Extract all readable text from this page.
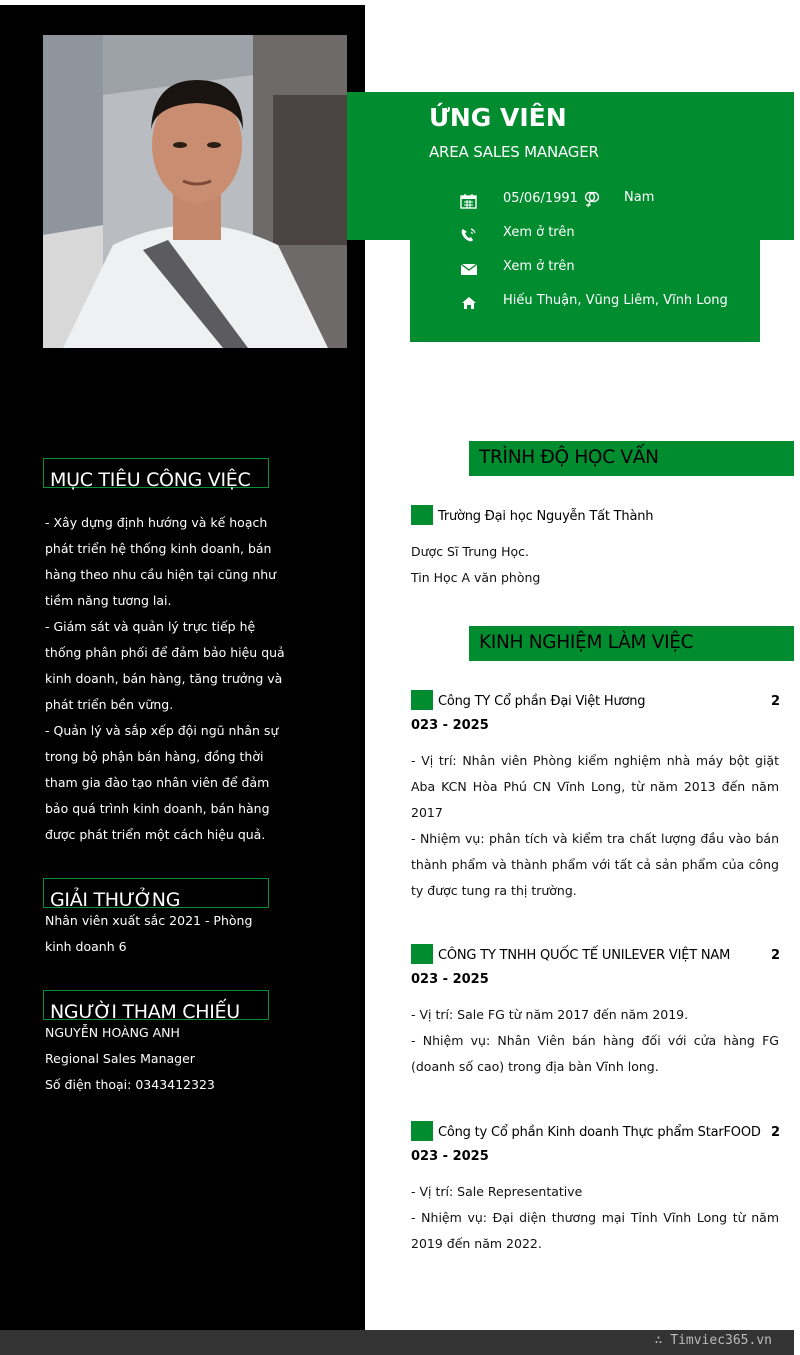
ỨNG VIÊN
AREA SALES MANAGER
05/06/1991	Nam
Xem ở trên
Xem ở trên
Hiếu Thuận, Vũng Liêm, Vĩnh Long
MỤC TIÊU CÔNG VIỆC

- Xây dựng định hướng và kế hoạch phát triển hệ thống kinh doanh, bán hàng theo nhu cầu hiện tại cũng như tiềm năng tương lai.

- Giám sát và quản lý trực tiếp hệ thống phân phối để đảm bảo hiệu quả kinh doanh, bán hàng, tăng trưởng và phát triển bền vững.

- Quản lý và sắp xếp đội ngũ nhân sự trong bộ phận bán hàng, đồng thời tham gia đào tạo nhân viên để đảm bảo quá trình kinh doanh, bán hàng được phát triển một cách hiệu quả.

GIẢI THƯỞNG

Nhân viên xuất sắc 2021 - Phòng kinh doanh 6

NGƯỜI THAM CHIẾU

NGUYỄN HOÀNG ANH

Regional Sales Manager

Số điện thoại: 0343412323

TRÌNH ĐỘ HỌC VẤN
Trường Đại học Nguyễn Tất Thành

Dược Sĩ Trung Học.

Tin Học A văn phòng

KINH NGHIỆM LÀM VIỆC
Công TY Cổ phần Đại Việt Hương	2
023 - 2025

- Vị trí: Nhân viên Phòng kiểm nghiệm nhà máy bột giặt Aba KCN Hòa Phú CN Vĩnh Long, từ năm 2013 đến năm 2017

- Nhiệm vụ: phân tích và kiểm tra chất lượng đầu vào bán thành phẩm và thành phẩm với tất cả sản phẩm của công ty được tung ra thị trường.

CÔNG TY TNHH QUỐC TẾ UNILEVER VIỆT NAM	2
023 - 2025

- Vị trí: Sale FG từ năm 2017 đến năm 2019.

- Nhiệm vụ: Nhân Viên bán hàng đối với cửa hàng FG (doanh số cao) trong địa bàn Vĩnh long.

Công ty Cổ phần Kinh doanh Thực phẩm StarFOOD 2
023 - 2025

- Vị trí: Sale Representative

- Nhiệm vụ: Đại diện thương mại Tỉnh Vĩnh Long từ năm 2019 đến năm 2022.

∴ Timviec365.vn
